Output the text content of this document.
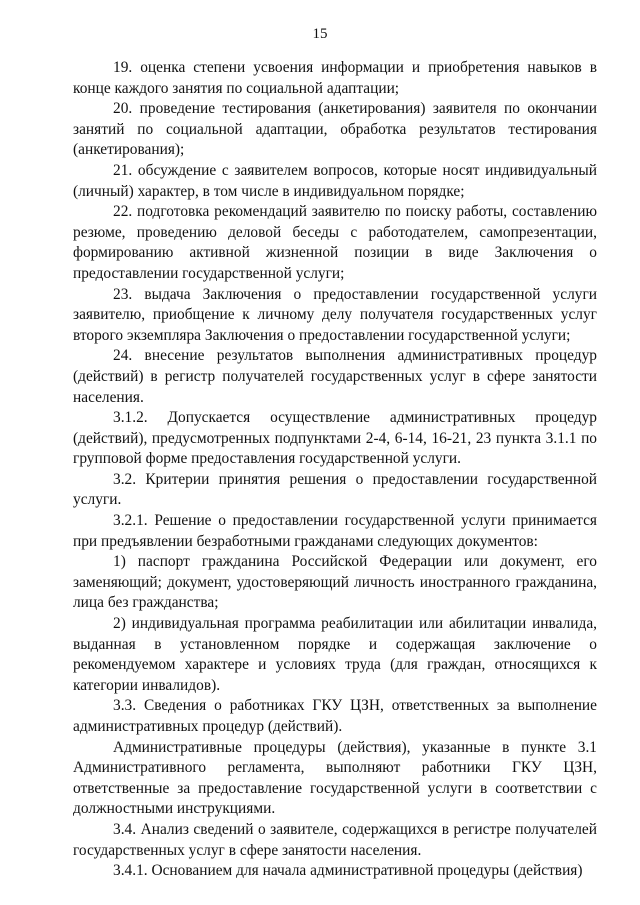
15

19. оценка степени усвоения информации и приобретения навыков в конце каждого занятия по социальной адаптации;

20. проведение тестирования (анкетирования) заявителя по окончании занятий по социальной адаптации, обработка результатов тестирования (анкетирования);

21. обсуждение с заявителем вопросов, которые носят индивидуальный (личный) характер, в том числе в индивидуальном порядке;

22. подготовка рекомендаций заявителю по поиску работы, составлению резюме, проведению деловой беседы с работодателем, самопрезентации, формированию активной жизненной позиции в виде Заключения о предоставлении государственной услуги;

23. выдача Заключения о предоставлении государственной услуги заявителю, приобщение к личному делу получателя государственных услуг второго экземпляра Заключения о предоставлении государственной услуги;

24. внесение результатов выполнения административных процедур (действий) в регистр получателей государственных услуг в сфере занятости населения.

3.1.2. Допускается осуществление административных процедур (действий), предусмотренных подпунктами 2-4, 6-14, 16-21, 23 пункта 3.1.1 по групповой форме предоставления государственной услуги.

3.2. Критерии принятия решения о предоставлении государственной услуги.

3.2.1. Решение о предоставлении государственной услуги принимается при предъявлении безработными гражданами следующих документов:

1) паспорт гражданина Российской Федерации или документ, его заменяющий; документ, удостоверяющий личность иностранного гражданина, лица без гражданства;

2) индивидуальная программа реабилитации или абилитации инвалида, выданная в установленном порядке и содержащая заключение о рекомендуемом характере и условиях труда (для граждан, относящихся к категории инвалидов).

3.3. Сведения о работниках ГКУ ЦЗН, ответственных за выполнение административных процедур (действий).

Административные процедуры (действия), указанные в пункте 3.1 Административного регламента, выполняют работники ГКУ ЦЗН, ответственные за предоставление государственной услуги в соответствии с должностными инструкциями.

3.4. Анализ сведений о заявителе, содержащихся в регистре получателей государственных услуг в сфере занятости населения.

3.4.1. Основанием для начала административной процедуры (действия)
